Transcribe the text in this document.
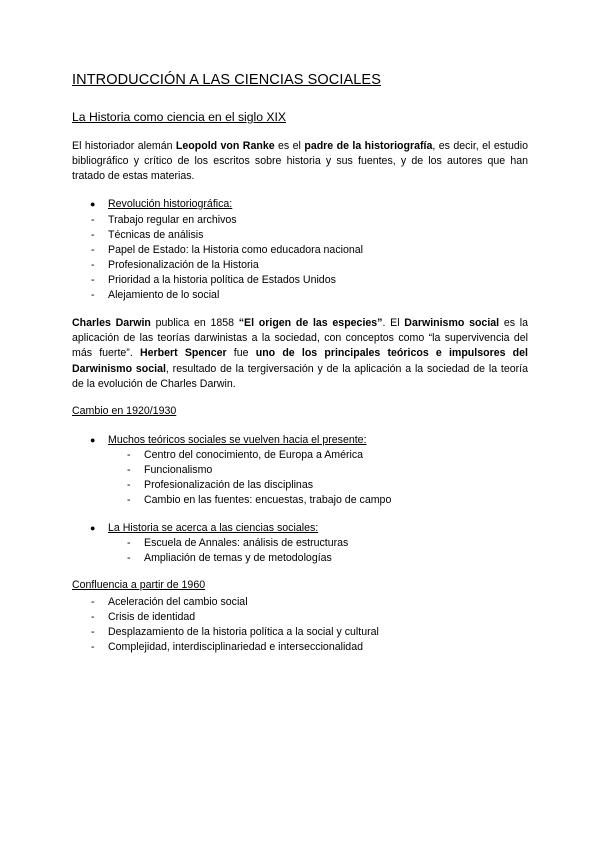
INTRODUCCIÓN A LAS CIENCIAS SOCIALES
La Historia como ciencia en el siglo XIX

El historiador alemán Leopold von Ranke es el padre de la historiografía, es decir, el estudio bibliográfico y crítico de los escritos sobre historia y sus fuentes, y de los autores que han tratado de estas materias.

● Revolución historiográfica:
- Trabajo regular en archivos
- Técnicas de análisis
- Papel de Estado: la Historia como educadora nacional
- Profesionalización de la Historia
- Prioridad a la historia política de Estados Unidos
- Alejamiento de lo social

Charles Darwin publica en 1858 “El origen de las especies”. El Darwinismo social es la aplicación de las teorías darwinistas a la sociedad, con conceptos como “la supervivencia del más fuerte”. Herbert Spencer fue uno de los principales teóricos e impulsores del Darwinismo social, resultado de la tergiversación y de la aplicación a la sociedad de la teoría de la evolución de Charles Darwin.

Cambio en 1920/1930

● Muchos teóricos sociales se vuelven hacia el presente:
- Centro del conocimiento, de Europa a América
- Funcionalismo
- Profesionalización de las disciplinas
- Cambio en las fuentes: encuestas, trabajo de campo
● La Historia se acerca a las ciencias sociales:
- Escuela de Annales: análisis de estructuras
- Ampliación de temas y de metodologías

Confluencia a partir de 1960

- Aceleración del cambio social
- Crisis de identidad
- Desplazamiento de la historia política a la social y cultural
- Complejidad, interdisciplinariedad e interseccionalidad
